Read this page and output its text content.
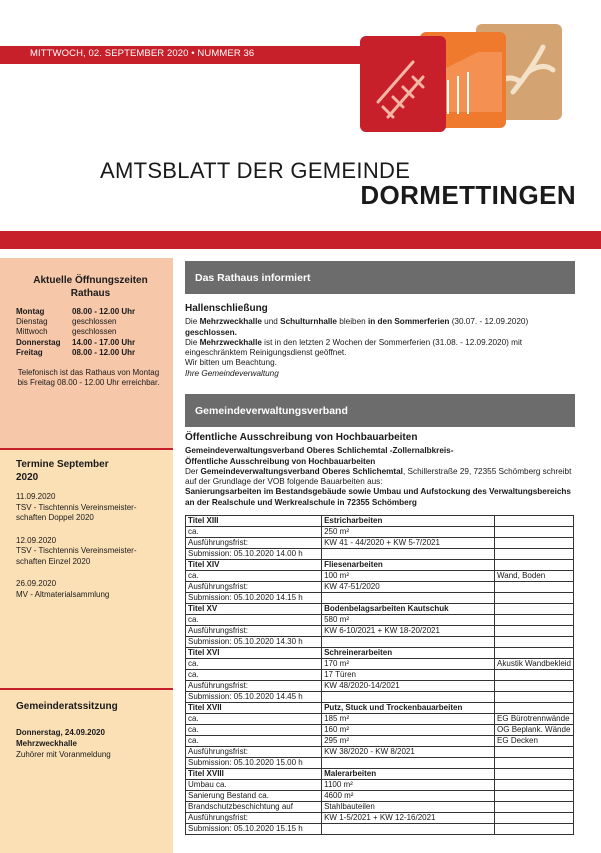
MITTWOCH, 02. SEPTEMBER 2020 • NUMMER 36
AMTSBLATT DER GEMEINDE
DORMETTINGEN
Aktuelle Öffnungszeiten Rathaus
Montag	08.00 - 12.00 Uhr
Dienstag	geschlossen
Mittwoch	geschlossen
Donnerstag	14.00 - 17.00 Uhr
Freitag	08.00 - 12.00 Uhr
Telefonisch ist das Rathaus von Montag bis Freitag 08.00 - 12.00 Uhr erreichbar.
Termine September 2020
11.09.2020
TSV - Tischtennis Vereinsmeister-schaften Doppel 2020
12.09.2020
TSV - Tischtennis Vereinsmeister-schaften Einzel 2020
26.09.2020
MV - Altmaterialsammlung
Gemeinderatssitzung
Donnerstag, 24.09.2020
Mehrzweckhalle
Zuhörer mit Voranmeldung
Das Rathaus informiert
Hallenschließung
Die Mehrzweckhalle und Schulturnhalle bleiben in den Sommerferien (30.07. - 12.09.2020) geschlossen.
Die Mehrzweckhalle ist in den letzten 2 Wochen der Sommerferien (31.08. - 12.09.2020) mit eingeschränktem Reinigungsdienst geöffnet.
Wir bitten um Beachtung.
Ihre Gemeindeverwaltung
Gemeindeverwaltungsverband
Öffentliche Ausschreibung von Hochbauarbeiten
Gemeindeverwaltungsverband Oberes Schlichemtal -Zollernalbkreis-
Öffentliche Ausschreibung von Hochbauarbeiten
Der Gemeindeverwaltungsverband Oberes Schlichemtal, Schillerstraße 29, 72355 Schömberg schreibt auf der Grundlage der VOB folgende Bauarbeiten aus:
Sanierungsarbeiten im Bestandsgebäude sowie Umbau und Aufstockung des Verwaltungsbereichs an der Realschule und Werkrealschule in 72355 Schömberg
Titel XIII	Estricharbeiten	
ca.	250 m²	
Ausführungsfrist:	KW 41 - 44/2020 + KW 5-7/2021	
Submission: 05.10.2020 14.00 h		
Titel XIV	Fliesenarbeiten	
ca.	100 m²	Wand, Boden
Ausführungsfrist:	KW 47-51/2020	
Submission: 05.10.2020 14.15 h		
Titel XV	Bodenbelagsarbeiten Kautschuk	
ca.	580 m²	
Ausführungsfrist:	KW 6-10/2021 + KW 18-20/2021	
Submission: 05.10.2020 14.30 h		
Titel XVI	Schreinerarbeiten	
ca.	170 m²	Akustik Wandbekleid
ca.	17 Türen	
Ausführungsfrist:	KW 48/2020-14/2021	
Submission: 05.10.2020 14.45 h		
Titel XVII	Putz, Stuck und Trockenbauarbeiten	
ca.	185 m²	EG Bürotrennwände
ca.	160 m²	OG Beplank. Wände
ca.	295 m²	EG Decken
Ausführungsfrist:	KW 38/2020 - KW 8/2021	
Submission: 05.10.2020 15.00 h		
Titel XVIII	Malerarbeiten	
Umbau ca.	1100 m²	
Sanierung Bestand ca.	4600 m²	
Brandschutzbeschichtung auf	Stahlbauteilen	
Ausführungsfrist:	KW 1-5/2021 + KW 12-16/2021	
Submission: 05.10.2020 15.15 h		
